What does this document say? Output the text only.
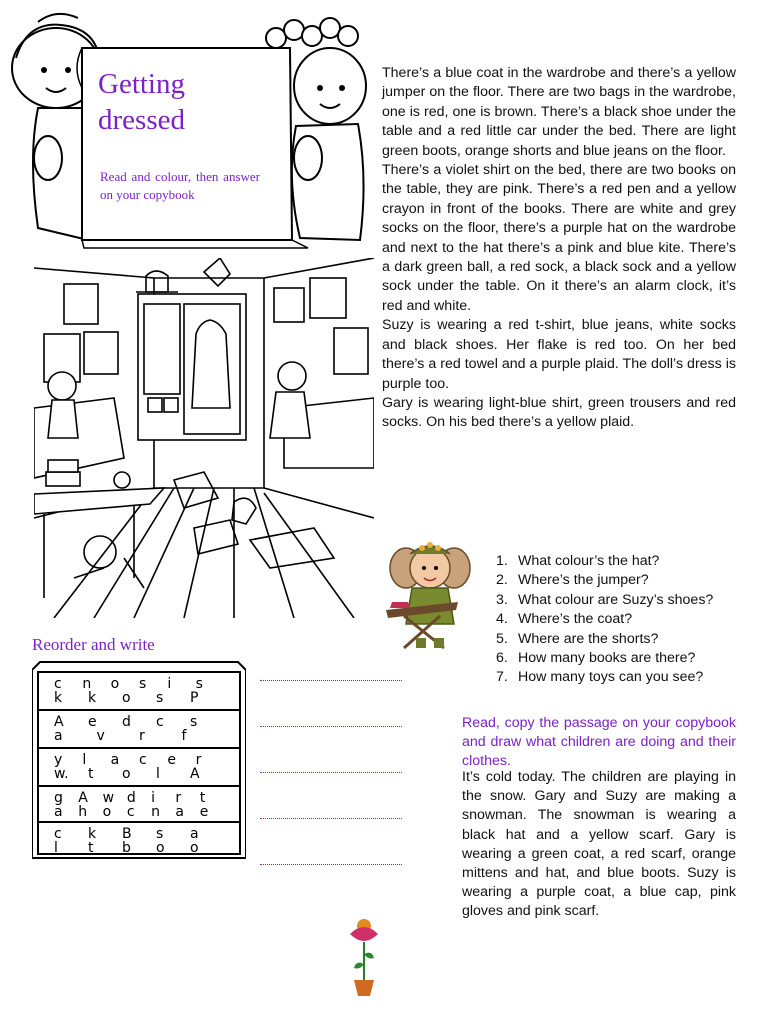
Getting
dressed
Read and colour, then answer on your copybook

There’s a blue coat in the wardrobe and there’s a yellow jumper on the floor. There are two bags in the wardrobe, one is red, one is brown. There’s a black shoe under the table and a red little car under the bed. There are light green boots, orange shorts and blue jeans on the floor.

There’s a violet shirt on the bed, there are two books on the table, they are pink. There’s a red pen and a yellow crayon in front of the books. There are white and grey socks on the floor, there’s a purple hat on the wardrobe and next to the hat there’s a pink and blue kite. There’s a dark green ball, a red sock, a black sock and a yellow sock under the table. On it there’s an alarm clock, it’s red and white.

Suzy is wearing a red t-shirt, blue jeans, white socks and black shoes. Her flake is red too. On her bed there’s a red towel and a purple plaid. The doll’s dress is purple too.

Gary is wearing light-blue shirt, green trousers and red socks. On his bed there’s a yellow plaid.

1. What colour’s the hat?
2. Where’s the jumper?
3. What colour are Suzy’s shoes?
4. Where’s the coat?
5. Where are the shorts?
6. How many books are there?
7. How many toys can you see?
Reorder and write
c n o s i s
k k o s P
A e d c s
a v r	f
y l a c e r
w. t o l A
g A w d i r t
a h o c n a e
c k B s a
l t b o o
Read, copy the passage on your copybook and draw what children are doing and their clothes.
It’s cold today. The children are playing in the snow. Gary and Suzy are making a snowman. The snowman is wearing a black hat and a yellow scarf. Gary is wearing a green coat, a red scarf, orange mittens and hat, and blue boots. Suzy is wearing a purple coat, a blue cap, pink gloves and pink scarf.
